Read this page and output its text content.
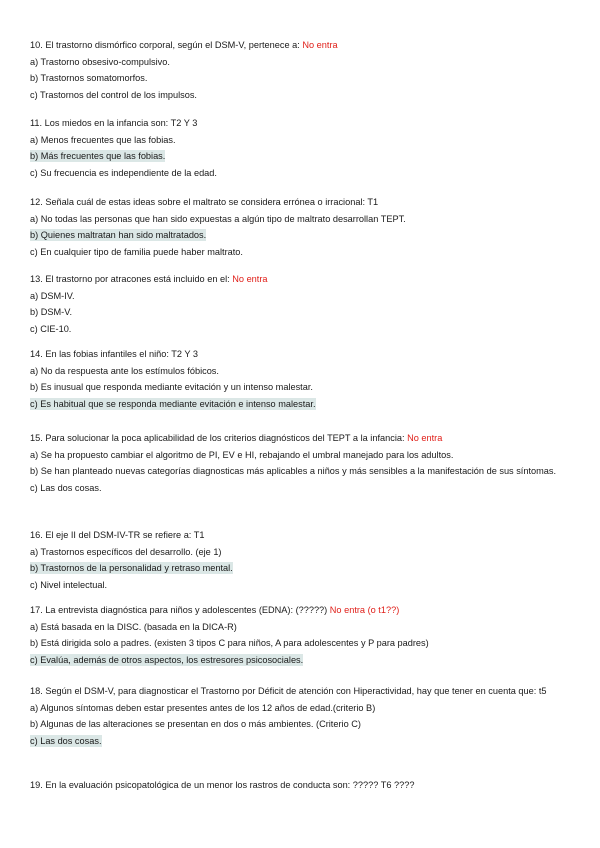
10. El trastorno dismórfico corporal, según el DSM-V, pertenece a: No entra
a) Trastorno obsesivo-compulsivo.
b) Trastornos somatomorfos.
c) Trastornos del control de los impulsos.
11. Los miedos en la infancia son: T2 Y 3
a) Menos frecuentes que las fobias.
b) Más frecuentes que las fobias.
c) Su frecuencia es independiente de la edad.
12. Señala cuál de estas ideas sobre el maltrato se considera errónea o irracional: T1
a) No todas las personas que han sido expuestas a algún tipo de maltrato desarrollan TEPT.
b) Quienes maltratan han sido maltratados.
c) En cualquier tipo de familia puede haber maltrato.
13. El trastorno por atracones está incluido en el: No entra
a) DSM-IV.
b) DSM-V.
c) CIE-10.
14. En las fobias infantiles el niño: T2 Y 3
a) No da respuesta ante los estímulos fóbicos.
b) Es inusual que responda mediante evitación y un intenso malestar.
c) Es habitual que se responda mediante evitación e intenso malestar.
15. Para solucionar la poca aplicabilidad de los criterios diagnósticos del TEPT a la infancia: No entra
a) Se ha propuesto cambiar el algoritmo de PI, EV e HI, rebajando el umbral manejado para los adultos.
b) Se han planteado nuevas categorías diagnosticas más aplicables a niños y más sensibles a la manifestación de sus síntomas.
c) Las dos cosas.
16. El eje II del DSM-IV-TR se refiere a: T1
a) Trastornos específicos del desarrollo. (eje 1)
b) Trastornos de la personalidad y retraso mental.
c) Nivel intelectual.
17. La entrevista diagnóstica para niños y adolescentes (EDNA): (?????) No entra (o t1??)
a) Está basada en la DISC. (basada en la DICA-R)
b) Está dirigida solo a padres. (existen 3 tipos C para niños, A para adolescentes y P para padres)
c) Evalúa, además de otros aspectos, los estresores psicosociales.
18. Según el DSM-V, para diagnosticar el Trastorno por Déficit de atención con Hiperactividad, hay que tener en cuenta que: t5
a) Algunos síntomas deben estar presentes antes de los 12 años de edad.(criterio B)
b) Algunas de las alteraciones se presentan en dos o más ambientes. (Criterio C)
c) Las dos cosas.
19. En la evaluación psicopatológica de un menor los rastros de conducta son: ????? T6 ????
